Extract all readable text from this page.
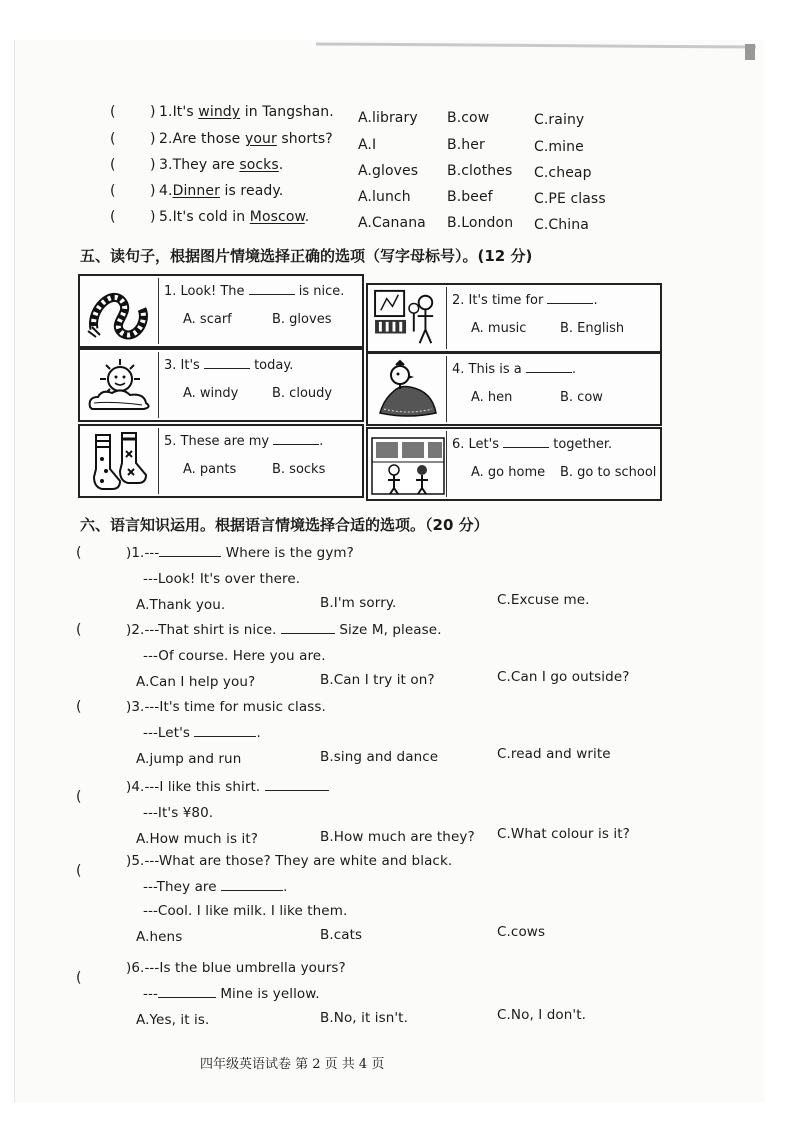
( ) 1.It's windy in Tangshan. A.library B.cow	C.rainy
( ) 2.Are those your shorts? A.I	B.her	C.mine
( ) 3.They are socks.	A.gloves B.clothes C.cheap
( ) 4.Dinner is ready.	A.lunch	B.beef	C.PE class
( ) 5.It's cold in Moscow.	A.Canana B.London C.China
五、读句子，根据图片情境选择正确的选项（写字母标号）。(12 分)
1. Look! The	is nice.
A. scarf	B. gloves
2. It's time for	.
A. music	B. English
3. It's	today.
A. windy	B. cloudy
4. This is a	.
A. hen	B. cow
5. These are my	.
A. pants	B. socks
6. Let's	together.
A. go home B. go to school
六、语言知识运用。根据语言情境选择合适的选项。（20 分）
(	)1.---	Where is the gym?
---Look! It's over there.
A.Thank you.	B.I'm sorry.	C.Excuse me.
(	)2.---That shirt is nice.	Size M, please.
---Of course. Here you are.
A.Can I help you?	B.Can I try it on?	C.Can I go outside?
(	)3.---It's time for music class.
---Let's	.
A.jump and run	B.sing and dance	C.read and write
(
)4.---I like this shirt.
---It's ¥80.
A.How much is it?	B.How much are they? C.What colour is it?
(
)5.---What are those? They are white and black.
---They are	.
---Cool. I like milk. I like them.
A.hens	B.cats	C.cows
(
)6.---Is the blue umbrella yours?
---	Mine is yellow.
A.Yes, it is.	B.No, it isn't.	C.No, I don't.
四年级英语试卷 第 2 页 共 4 页
